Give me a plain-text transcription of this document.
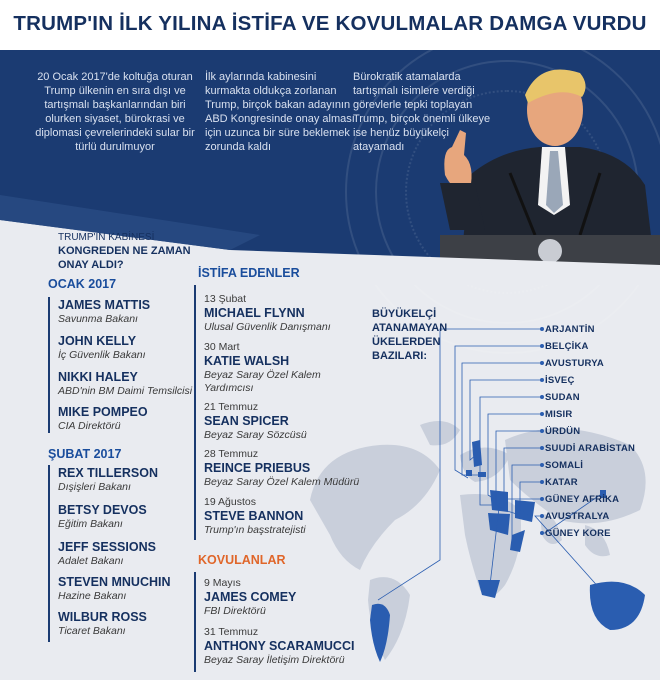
TRUMP'IN İLK YILINA İSTİFA VE KOVULMALAR DAMGA VURDU
20 Ocak 2017'de koltuğa oturan Trump ülkenin en sıra dışı ve tartışmalı başkanlarından biri olurken siyaset, bürokrasi ve diplomasi çevrelerindeki sular bir türlü durulmuyor
İlk aylarında kabinesini kurmakta oldukça zorlanan Trump, birçok bakan adayının ABD Kongresinde onay alması için uzunca bir süre beklemek zorunda kaldı
Bürokratik atamalarda tartışmalı isimlere verdiği görevlerle tepki toplayan Trump, birçok önemli ülkeye ise henüz büyükelçi atayamadı
TRUMP'IN KABİNESİ
KONGREDEN NE ZAMAN
ONAY ALDI?
OCAK 2017
JAMES MATTIS
Savunma Bakanı
JOHN KELLY
İç Güvenlik Bakanı
NIKKI HALEY
ABD'nin BM Daimi Temsilcisi
MIKE POMPEO
CIA Direktörü
ŞUBAT 2017
REX TILLERSON
Dışişleri Bakanı
BETSY DEVOS
Eğitim Bakanı
JEFF SESSIONS
Adalet Bakanı
STEVEN MNUCHIN
Hazine Bakanı
WILBUR ROSS
Ticaret Bakanı
İSTİFA EDENLER
13 Şubat
MICHAEL FLYNN
Ulusal Güvenlik Danışmanı
30 Mart
KATIE WALSH
Beyaz Saray Özel Kalem Yardımcısı
21 Temmuz
SEAN SPICER
Beyaz Saray Sözcüsü
28 Temmuz
REINCE PRIEBUS
Beyaz Saray Özel Kalem Müdürü
19 Ağustos
STEVE BANNON
Trump'ın başstratejisti
KOVULANLAR
9 Mayıs
JAMES COMEY
FBI Direktörü
31 Temmuz
ANTHONY SCARAMUCCI
Beyaz Saray İletişim Direktörü
BÜYÜKELÇİ
ATANAMAYAN
ÜKELERDEN
BAZILARI:
ARJANTİN
BELÇİKA
AVUSTURYA
İSVEÇ
SUDAN
MISIR
ÜRDÜN
SUUDİ ARABİSTAN
SOMALİ
KATAR
GÜNEY AFRİKA
AVUSTRALYA
GÜNEY KORE
